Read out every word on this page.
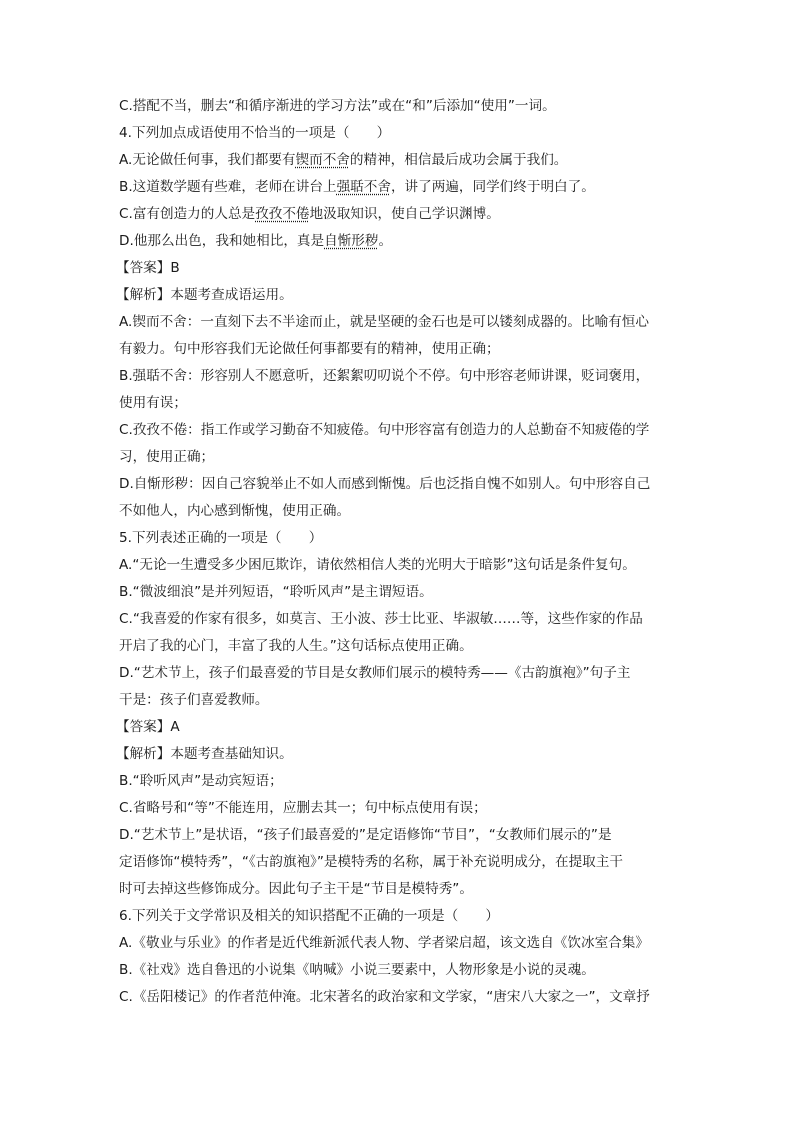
C.搭配不当，删去“和循序渐进的学习方法”或在“和”后添加“使用”一词。
4.下列加点成语使用不恰当的一项是（　　）
A.无论做任何事，我们都要有锲而不舍的精神，相信最后成功会属于我们。
B.这道数学题有些难，老师在讲台上强聒不舍，讲了两遍，同学们终于明白了。
C.富有创造力的人总是孜孜不倦地汲取知识，使自己学识渊博。
D.他那么出色，我和她相比，真是自惭形秽。
【答案】B
【解析】本题考查成语运用。
A.锲而不舍：一直刻下去不半途而止，就是坚硬的金石也是可以镂刻成器的。比喻有恒心
有毅力。句中形容我们无论做任何事都要有的精神，使用正确；
B.强聒不舍：形容别人不愿意听，还絮絮叨叨说个不停。句中形容老师讲课，贬词褒用，
使用有误；
C.孜孜不倦：指工作或学习勤奋不知疲倦。句中形容富有创造力的人总勤奋不知疲倦的学
习，使用正确；
D.自惭形秽：因自己容貌举止不如人而感到惭愧。后也泛指自愧不如别人。句中形容自己
不如他人，内心感到惭愧，使用正确。
5.下列表述正确的一项是（　　）
A.“无论一生遭受多少困厄欺诈，请依然相信人类的光明大于暗影”这句话是条件复句。
B.“微波细浪”是并列短语，“聆听风声”是主谓短语。
C.“我喜爱的作家有很多，如莫言、王小波、莎士比亚、毕淑敏……等，这些作家的作品
开启了我的心门，丰富了我的人生。”这句话标点使用正确。
D.“艺术节上，孩子们最喜爱的节目是女教师们展示的模特秀——《古韵旗袍》”句子主
干是：孩子们喜爱教师。
【答案】A
【解析】本题考查基础知识。
B.“聆听风声”是动宾短语；
C.省略号和“等”不能连用，应删去其一；句中标点使用有误；
D.“艺术节上”是状语，“孩子们最喜爱的”是定语修饰“节目”，“女教师们展示的”是
定语修饰“模特秀”，“《古韵旗袍》”是模特秀的名称，属于补充说明成分，在提取主干
时可去掉这些修饰成分。因此句子主干是“节目是模特秀”。
6.下列关于文学常识及相关的知识搭配不正确的一项是（　　）
A.《敬业与乐业》的作者是近代维新派代表人物、学者梁启超，该文选自《饮冰室合集》
B.《社戏》选自鲁迅的小说集《呐喊》小说三要素中，人物形象是小说的灵魂。
C.《岳阳楼记》的作者范仲淹。北宋著名的政治家和文学家，“唐宋八大家之一”，文章抒
